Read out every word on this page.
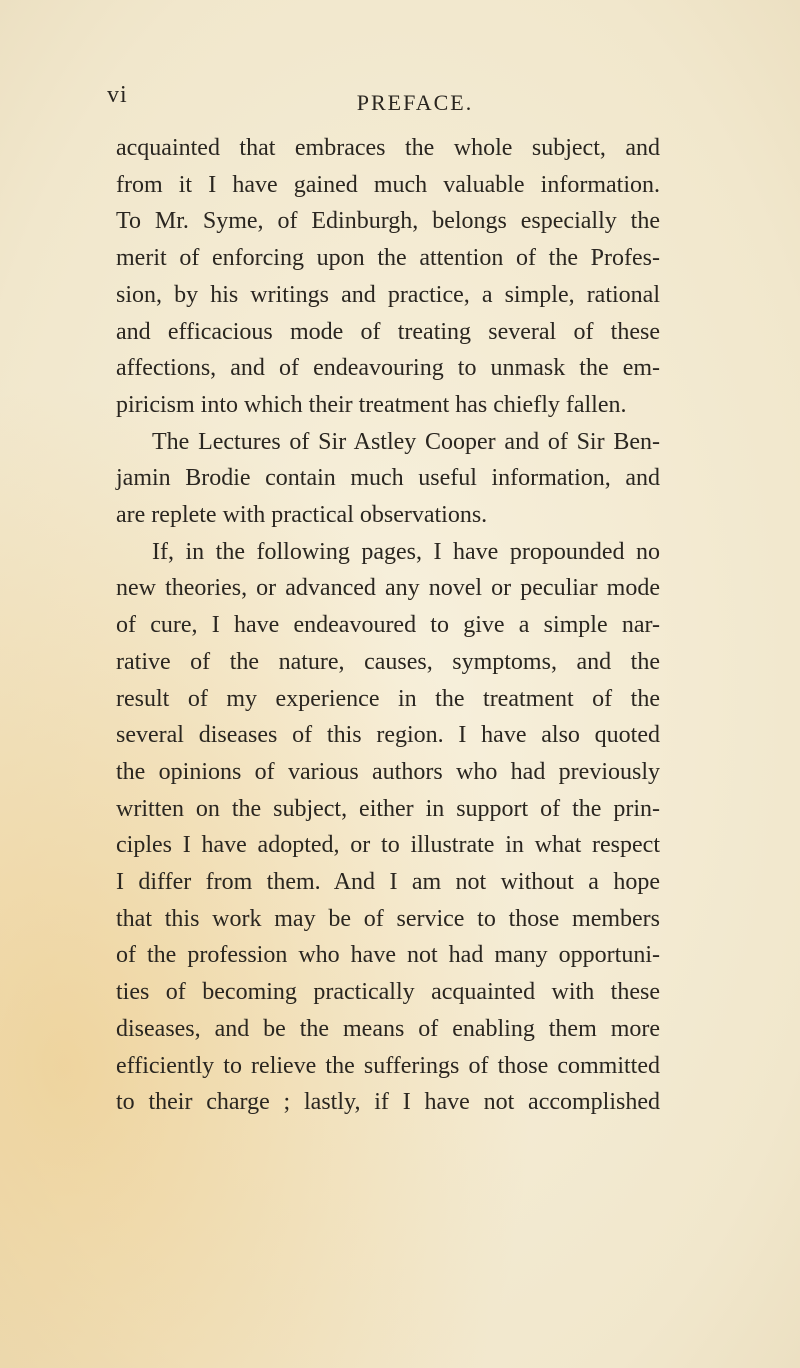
vi	PREFACE.

acquainted that embraces the whole subject, and
from it I have gained much valuable information.
To Mr. Syme, of Edinburgh, belongs especially the
merit of enforcing upon the attention of the Profes-
sion, by his writings and practice, a simple, rational
and efficacious mode of treating several of these
affections, and of endeavouring to unmask the em-
piricism into which their treatment has chiefly fallen.
The Lectures of Sir Astley Cooper and of Sir Ben-
jamin Brodie contain much useful information, and
are replete with practical observations.
If, in the following pages, I have propounded no
new theories, or advanced any novel or peculiar mode
of cure, I have endeavoured to give a simple nar-
rative of the nature, causes, symptoms, and the
result of my experience in the treatment of the
several diseases of this region. I have also quoted
the opinions of various authors who had previously
written on the subject, either in support of the prin-
ciples I have adopted, or to illustrate in what respect
I differ from them. And I am not without a hope
that this work may be of service to those members
of the profession who have not had many opportuni-
ties of becoming practically acquainted with these
diseases, and be the means of enabling them more
efficiently to relieve the sufferings of those committed
to their charge ; lastly, if I have not accomplished
